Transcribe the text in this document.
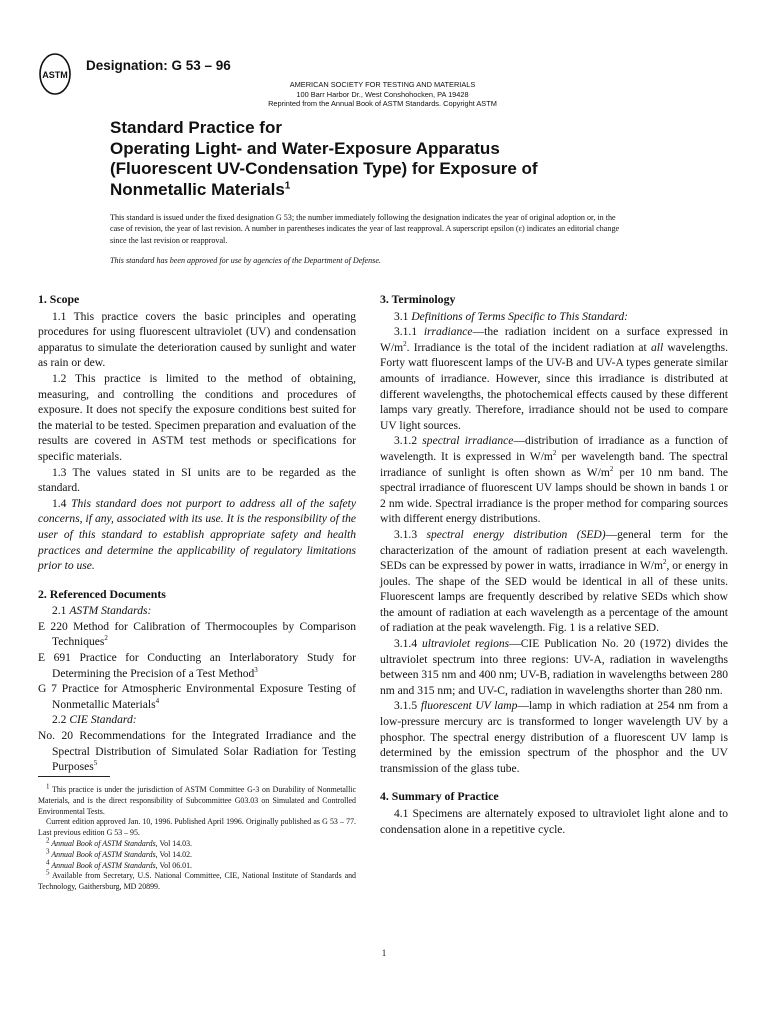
ASTM
Designation: G 53 – 96
AMERICAN SOCIETY FOR TESTING AND MATERIALS
100 Barr Harbor Dr., West Conshohocken, PA 19428
Reprinted from the Annual Book of ASTM Standards. Copyright ASTM
Standard Practice for
Operating Light- and Water-Exposure Apparatus
(Fluorescent UV-Condensation Type) for Exposure of
Nonmetallic Materials$^1$
This standard is issued under the fixed designation G 53; the number immediately following the designation indicates the year of original adoption or, in the case of revision, the year of last revision. A number in parentheses indicates the year of last reapproval. A superscript epsilon (ε) indicates an editorial change since the last revision or reapproval.
This standard has been approved for use by agencies of the Department of Defense.
1. Scope

1.1 This practice covers the basic principles and operating procedures for using fluorescent ultraviolet (UV) and condensation apparatus to simulate the deterioration caused by sunlight and water as rain or dew.

1.2 This practice is limited to the method of obtaining, measuring, and controlling the conditions and procedures of exposure. It does not specify the exposure conditions best suited for the material to be tested. Specimen preparation and evaluation of the results are covered in ASTM test methods or specifications for specific materials.

1.3 The values stated in SI units are to be regarded as the standard.

1.4 This standard does not purport to address all of the safety concerns, if any, associated with its use. It is the responsibility of the user of this standard to establish appropriate safety and health practices and determine the applicability of regulatory limitations prior to use.

2. Referenced Documents

2.1 ASTM Standards:

E 220 Method for Calibration of Thermocouples by Comparison Techniques$^2$

E 691 Practice for Conducting an Interlaboratory Study for Determining the Precision of a Test Method$^3$

G 7 Practice for Atmospheric Environmental Exposure Testing of Nonmetallic Materials$^4$

2.2 CIE Standard:

No. 20 Recommendations for the Integrated Irradiance and the Spectral Distribution of Simulated Solar Radiation for Testing Purposes$^5$

$^1$ This practice is under the jurisdiction of ASTM Committee G-3 on Durability of Nonmetallic Materials, and is the direct responsibility of Subcommittee G03.03 on Simulated and Controlled Environmental Tests.

Current edition approved Jan. 10, 1996. Published April 1996. Originally published as G 53 – 77. Last previous edition G 53 – 95.

$^2$ Annual Book of ASTM Standards, Vol 14.03.

$^3$ Annual Book of ASTM Standards, Vol 14.02.

$^4$ Annual Book of ASTM Standards, Vol 06.01.

$^5$ Available from Secretary, U.S. National Committee, CIE, National Institute of Standards and Technology, Gaithersburg, MD 20899.

3. Terminology

3.1 Definitions of Terms Specific to This Standard:

3.1.1 irradiance—the radiation incident on a surface expressed in $W/m^2$. Irradiance is the total of the incident radiation at all wavelengths. Forty watt fluorescent lamps of the UV-B and UV-A types generate similar amounts of irradiance. However, since this irradiance is distributed at different wavelengths, the photochemical effects caused by these different lamps vary greatly. Therefore, irradiance should not be used to compare UV light sources.

3.1.2 spectral irradiance—distribution of irradiance as a function of wavelength. It is expressed in $W/m^2$ per wavelength band. The spectral irradiance of sunlight is often shown as $W/m^2$ per 10 nm band. The spectral irradiance of fluorescent UV lamps should be shown in bands 1 or 2 nm wide. Spectral irradiance is the proper method for comparing sources with different energy distributions.

3.1.3 spectral energy distribution (SED)—general term for the characterization of the amount of radiation present at each wavelength. SEDs can be expressed by power in watts, irradiance in $W/m^2$, or energy in joules. The shape of the SED would be identical in all of these units. Fluorescent lamps are frequently described by relative SEDs which show the amount of radiation at each wavelength as a percentage of the amount of radiation at the peak wavelength. Fig. 1 is a relative SED.

3.1.4 ultraviolet regions—CIE Publication No. 20 (1972) divides the ultraviolet spectrum into three regions: UV-A, radiation in wavelengths between 315 nm and 400 nm; UV-B, radiation in wavelengths between 280 nm and 315 nm; and UV-C, radiation in wavelengths shorter than 280 nm.

3.1.5 fluorescent UV lamp—lamp in which radiation at 254 nm from a low-pressure mercury arc is transformed to longer wavelength UV by a phosphor. The spectral energy distribution of a fluorescent UV lamp is determined by the emission spectrum of the phosphor and the UV transmission of the glass tube.

4. Summary of Practice

4.1 Specimens are alternately exposed to ultraviolet light alone and to condensation alone in a repetitive cycle.

1
